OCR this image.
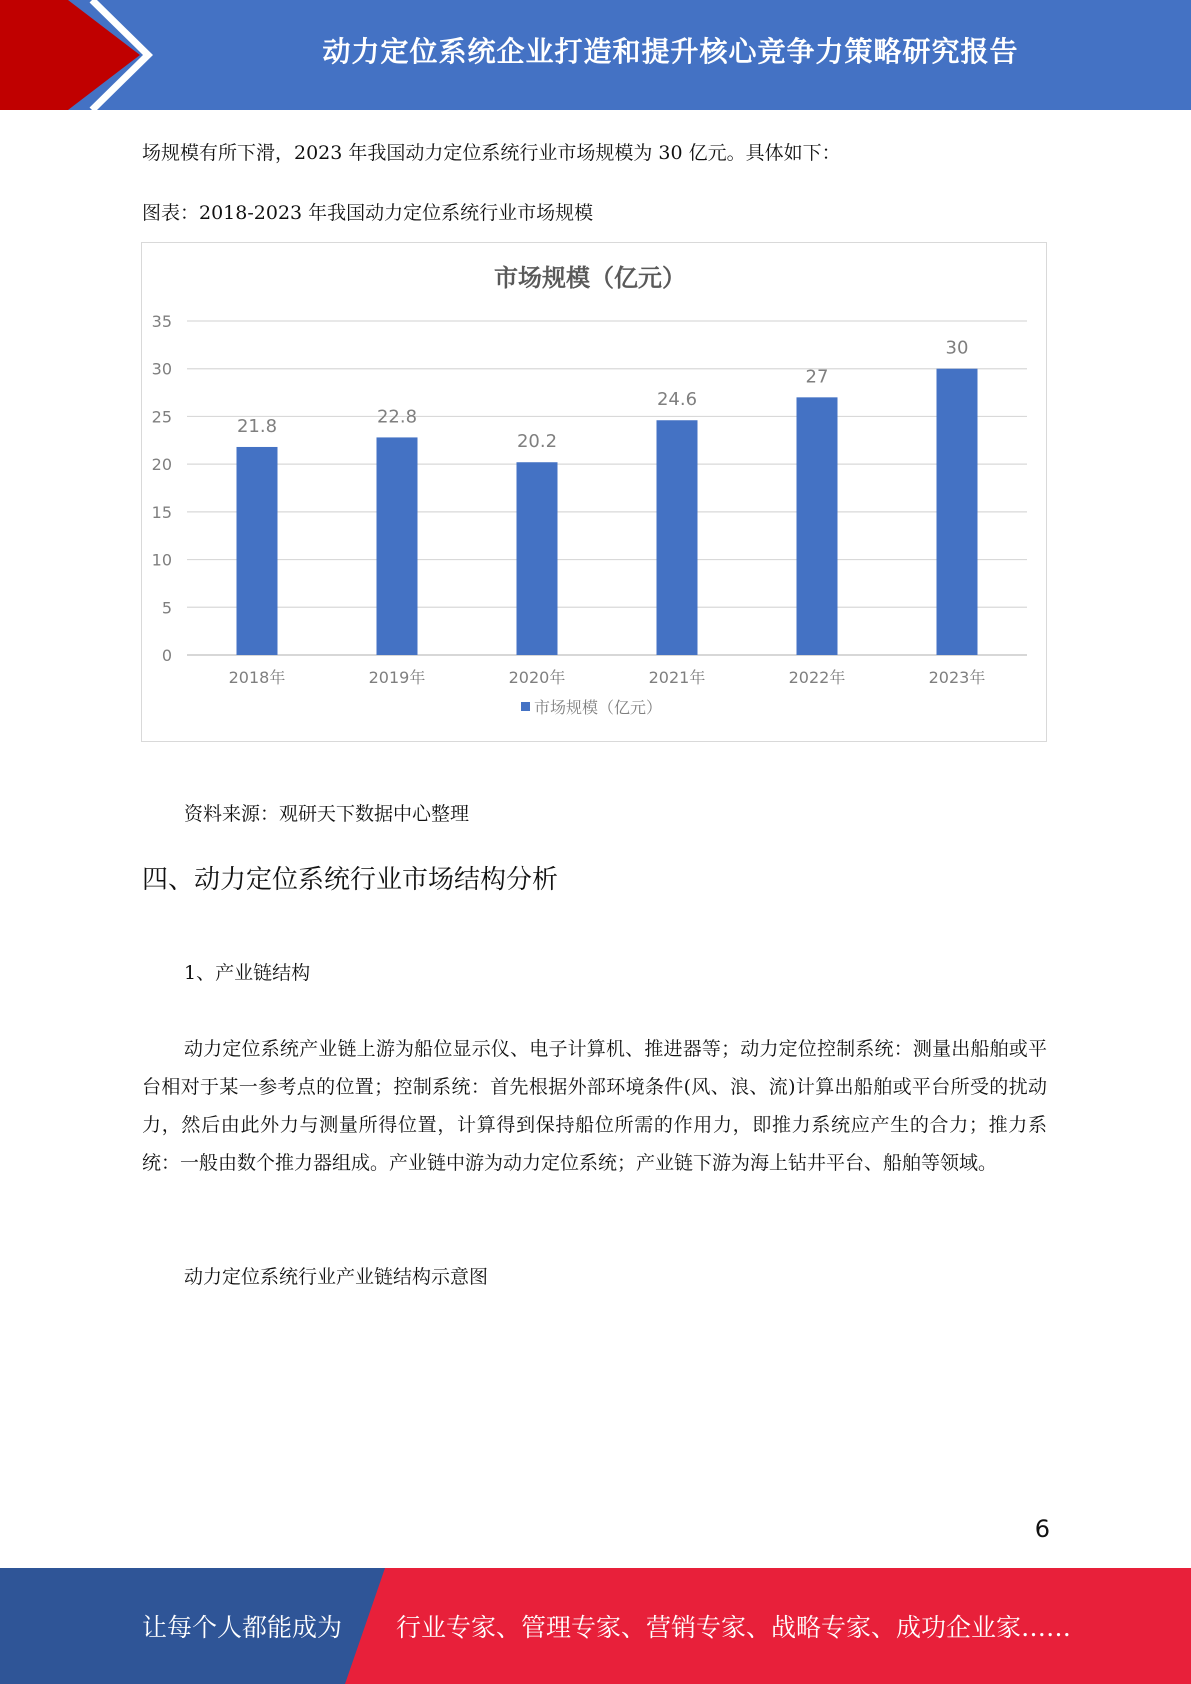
动力定位系统企业打造和提升核心竞争力策略研究报告

场规模有所下滑，2023 年我国动力定位系统行业市场规模为 30 亿元。具体如下：

图表：2018-2023 年我国动力定位系统行业市场规模

市场规模（亿元）
0
5
10
15
20
25
30
35
21.8
2018年
22.8
2019年
20.2
2020年
24.6
2021年
27
2022年
30
2023年
市场规模（亿元）

资料来源：观研天下数据中心整理

四、动力定位系统行业市场结构分析

1、产业链结构

动力定位系统产业链上游为船位显示仪、电子计算机、推进器等；动力定位控制系统：测量出船舶或平台相对于某一参考点的位置；控制系统：首先根据外部环境条件(风、浪、流)计算出船舶或平台所受的扰动力，然后由此外力与测量所得位置，计算得到保持船位所需的作用力，即推力系统应产生的合力；推力系统：一般由数个推力器组成。产业链中游为动力定位系统；产业链下游为海上钻井平台、船舶等领域。

动力定位系统行业产业链结构示意图

6
让每个人都能成为 行业专家、管理专家、营销专家、战略专家、成功企业家……
